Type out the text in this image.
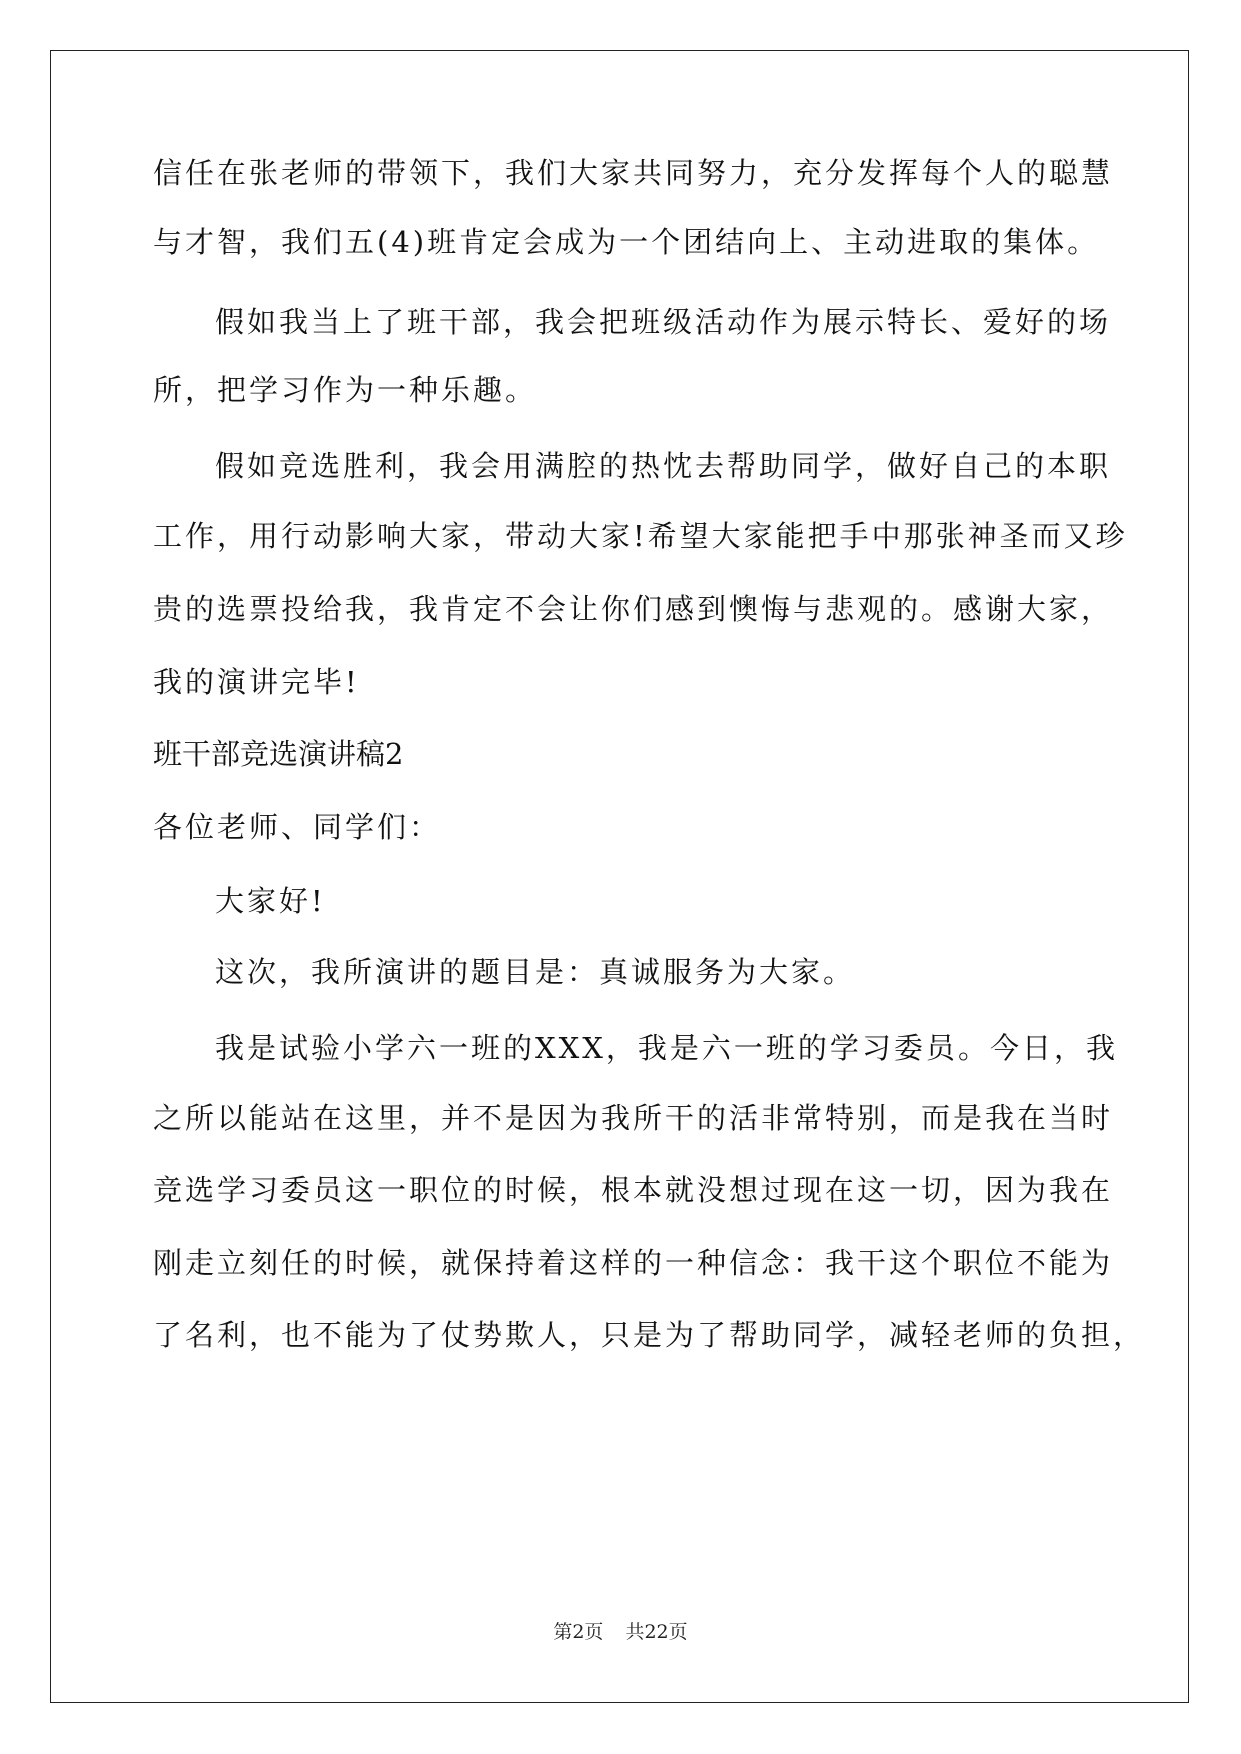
信任在张老师的带领下，我们大家共同努力，充分发挥每个人的聪慧
与才智，我们五(4)班肯定会成为一个团结向上、主动进取的集体。
假如我当上了班干部，我会把班级活动作为展示特长、爱好的场
所，把学习作为一种乐趣。
假如竞选胜利，我会用满腔的热忱去帮助同学，做好自己的本职
工作，用行动影响大家，带动大家!希望大家能把手中那张神圣而又珍
贵的选票投给我，我肯定不会让你们感到懊悔与悲观的。感谢大家，
我的演讲完毕!
班干部竞选演讲稿2
各位老师、同学们：
大家好!
这次，我所演讲的题目是：真诚服务为大家。
我是试验小学六一班的XXX，我是六一班的学习委员。今日，我
之所以能站在这里，并不是因为我所干的活非常特别，而是我在当时
竞选学习委员这一职位的时候，根本就没想过现在这一切，因为我在
刚走立刻任的时候，就保持着这样的一种信念：我干这个职位不能为
了名利，也不能为了仗势欺人，只是为了帮助同学，减轻老师的负担，
第2页 共22页
